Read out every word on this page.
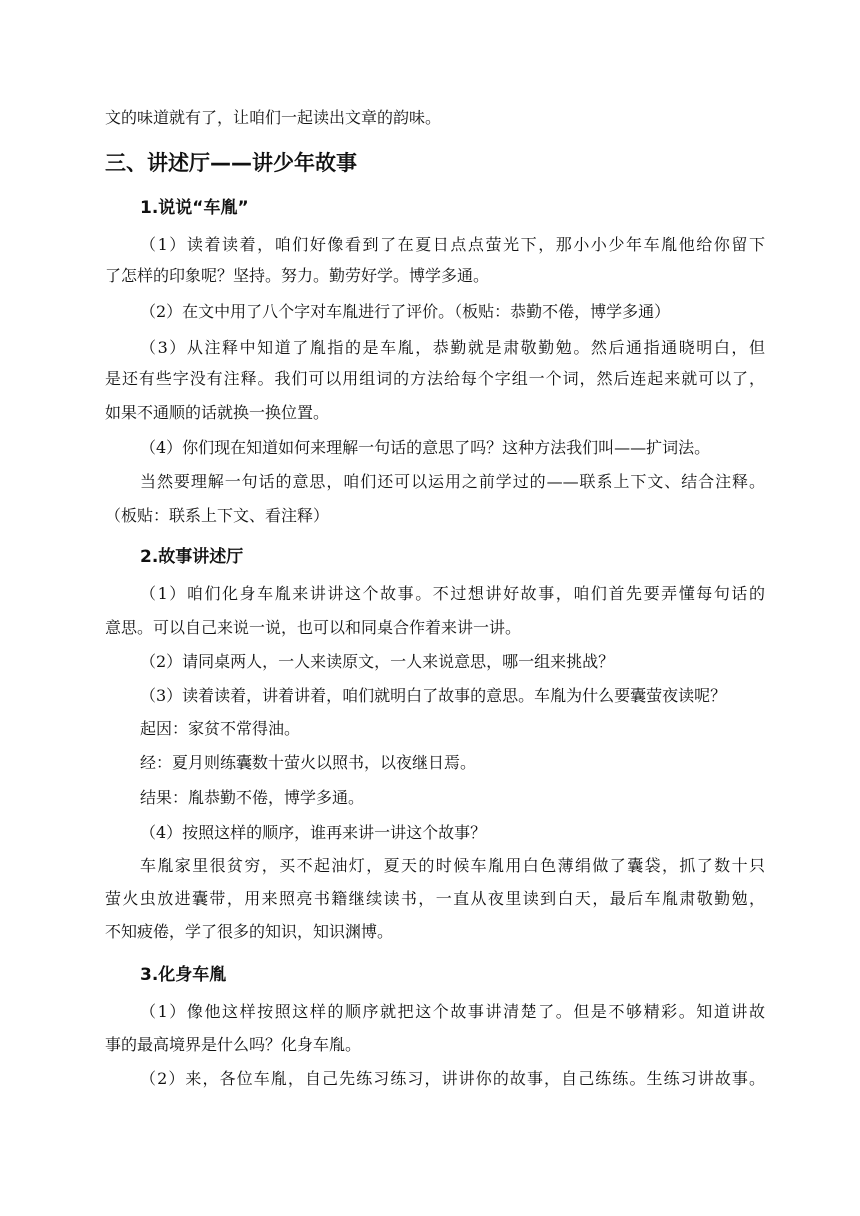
文的味道就有了，让咱们一起读出文章的韵味。
三、讲述厅——讲少年故事
1.说说“车胤”
（1）读着读着，咱们好像看到了在夏日点点萤光下，那小小少年车胤他给你留下
了怎样的印象呢？坚持。努力。勤劳好学。博学多通。
（2）在文中用了八个字对车胤进行了评价。（板贴：恭勤不倦，博学多通）
（3）从注释中知道了胤指的是车胤，恭勤就是肃敬勤勉。然后通指通晓明白，但
是还有些字没有注释。我们可以用组词的方法给每个字组一个词，然后连起来就可以了，
如果不通顺的话就换一换位置。
（4）你们现在知道如何来理解一句话的意思了吗？这种方法我们叫——扩词法。
当然要理解一句话的意思，咱们还可以运用之前学过的——联系上下文、结合注释。
（板贴：联系上下文、看注释）
2.故事讲述厅
（1）咱们化身车胤来讲讲这个故事。不过想讲好故事，咱们首先要弄懂每句话的
意思。可以自己来说一说，也可以和同桌合作着来讲一讲。
（2）请同桌两人，一人来读原文，一人来说意思，哪一组来挑战？
（3）读着读着，讲着讲着，咱们就明白了故事的意思。车胤为什么要囊萤夜读呢？
起因：家贫不常得油。
经：夏月则练囊数十萤火以照书，以夜继日焉。
结果：胤恭勤不倦，博学多通。
（4）按照这样的顺序，谁再来讲一讲这个故事？
车胤家里很贫穷，买不起油灯，夏天的时候车胤用白色薄绢做了囊袋，抓了数十只
萤火虫放进囊带，用来照亮书籍继续读书，一直从夜里读到白天，最后车胤肃敬勤勉，
不知疲倦，学了很多的知识，知识渊博。
3.化身车胤
（1）像他这样按照这样的顺序就把这个故事讲清楚了。但是不够精彩。知道讲故
事的最高境界是什么吗？化身车胤。
（2）来，各位车胤，自己先练习练习，讲讲你的故事，自己练练。生练习讲故事。
